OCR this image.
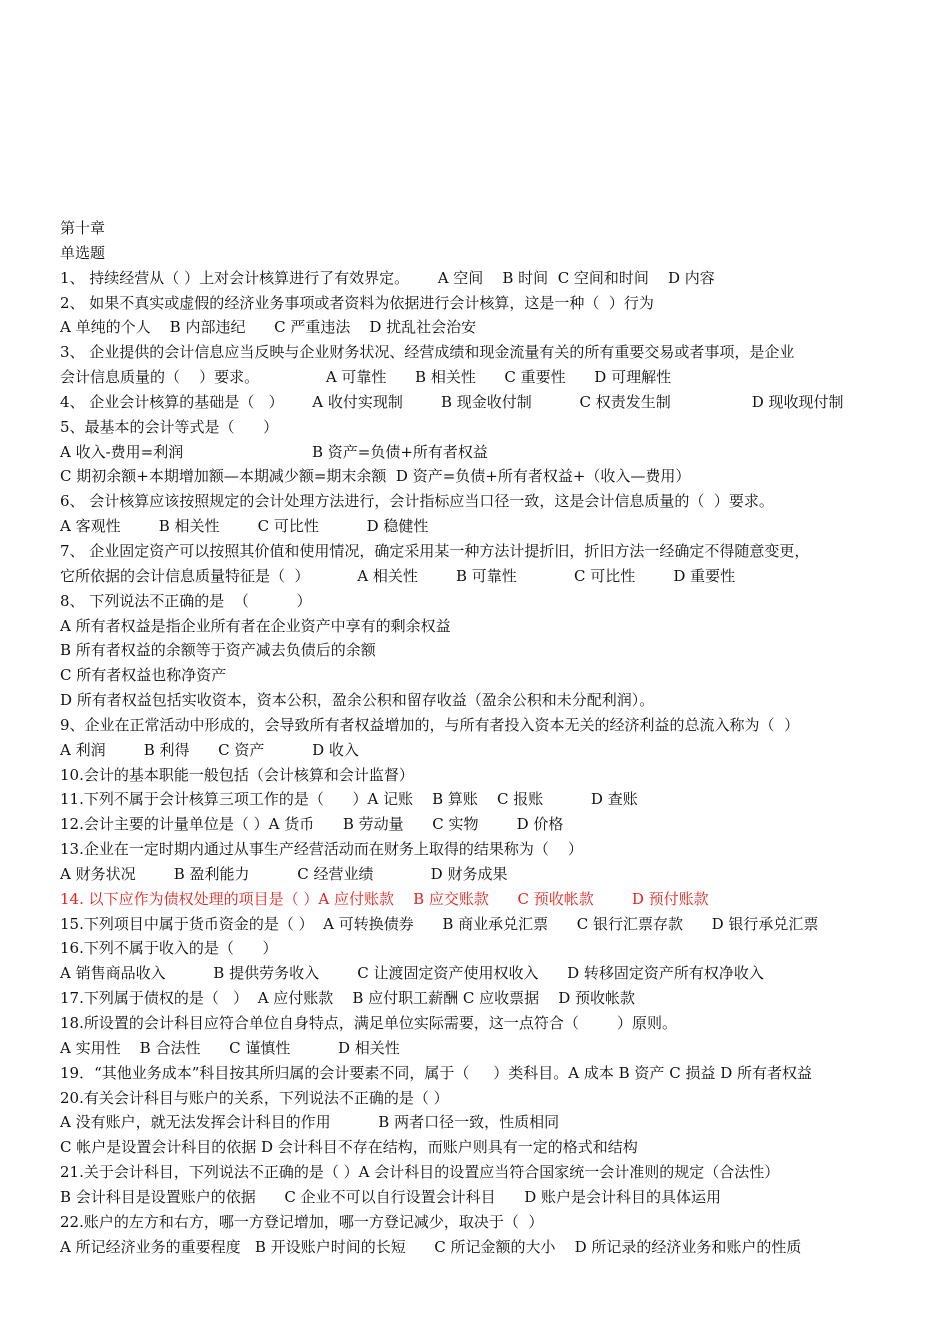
第十章
单选题
1、 持续经营从（ ）上对会计核算进行了有效界定。      A 空间    B 时间  C 空间和时间    D 内容
2、 如果不真实或虚假的经济业务事项或者资料为依据进行会计核算，这是一种（  ）行为
A 单纯的个人    B 内部违纪      C 严重违法    D 扰乱社会治安
3、 企业提供的会计信息应当反映与企业财务状况、经营成绩和现金流量有关的所有重要交易或者事项，是企业
会计信息质量的（    ）要求。              A 可靠性      B 相关性      C 重要性      D 可理解性
4、 企业会计核算的基础是（   ）      A 收付实现制        B 现金收付制          C 权责发生制                 D 现收现付制
5、最基本的会计等式是（      ）
A 收入-费用=利润                           B 资产=负债+所有者权益
C 期初余额+本期增加额—本期减少额=期末余额  D 资产=负债+所有者权益+（收入—费用）
6、 会计核算应该按照规定的会计处理方法进行，会计指标应当口径一致，这是会计信息质量的（  ）要求。
A 客观性        B 相关性        C 可比性          D 稳健性
7、 企业固定资产可以按照其价值和使用情况，确定采用某一种方法计提折旧，折旧方法一经确定不得随意变更，
它所依据的会计信息质量特征是（  ）          A 相关性        B 可靠性            C 可比性        D 重要性
8、 下列说法不正确的是  （          ）
A 所有者权益是指企业所有者在企业资产中享有的剩余权益
B 所有者权益的余额等于资产减去负债后的余额
C 所有者权益也称净资产
D 所有者权益包括实收资本，资本公积，盈余公积和留存收益（盈余公积和未分配利润）。
9、企业在正常活动中形成的，会导致所有者权益增加的，与所有者投入资本无关的经济利益的总流入称为（  ）
A 利润        B 利得      C 资产          D 收入
10.会计的基本职能一般包括（会计核算和会计监督）
11.下列不属于会计核算三项工作的是（      ）A 记账    B 算账    C 报账          D 查账
12.会计主要的计量单位是（ ）A 货币      B 劳动量      C 实物        D 价格
13.企业在一定时期内通过从事生产经营活动而在财务上取得的结果称为（    ）
A 财务状况        B 盈利能力          C 经营业绩            D 财务成果
14. 以下应作为债权处理的项目是（ ）A 应付账款    B 应交账款      C 预收帐款        D 预付账款
15.下列项目中属于货币资金的是（ ）  A 可转换债券      B 商业承兑汇票      C 银行汇票存款      D 银行承兑汇票
16.下列不属于收入的是（      ）
A 销售商品收入          B 提供劳务收入        C 让渡固定资产使用权收入      D 转移固定资产所有权净收入
17.下列属于债权的是（   ）  A 应付账款    B 应付职工薪酬 C 应收票据    D 预收帐款
18.所设置的会计科目应符合单位自身特点，满足单位实际需要，这一点符合（        ）原则。
A 实用性    B 合法性      C 谨慎性          D 相关性
19．“其他业务成本”科目按其所归属的会计要素不同，属于（     ）类科目。A 成本 B 资产 C 损益 D 所有者权益
20.有关会计科目与账户的关系，下列说法不正确的是（ ）
A 没有账户，就无法发挥会计科目的作用          B 两者口径一致，性质相同
C 帐户是设置会计科目的依据 D 会计科目不存在结构，而账户则具有一定的格式和结构
21.关于会计科目，下列说法不正确的是（ ）A 会计科目的设置应当符合国家统一会计准则的规定（合法性）
B 会计科目是设置账户的依据      C 企业不可以自行设置会计科目      D 账户是会计科目的具体运用
22.账户的左方和右方，哪一方登记增加，哪一方登记减少，取决于（  ）
A 所记经济业务的重要程度   B 开设账户时间的长短      C 所记金额的大小    D 所记录的经济业务和账户的性质
